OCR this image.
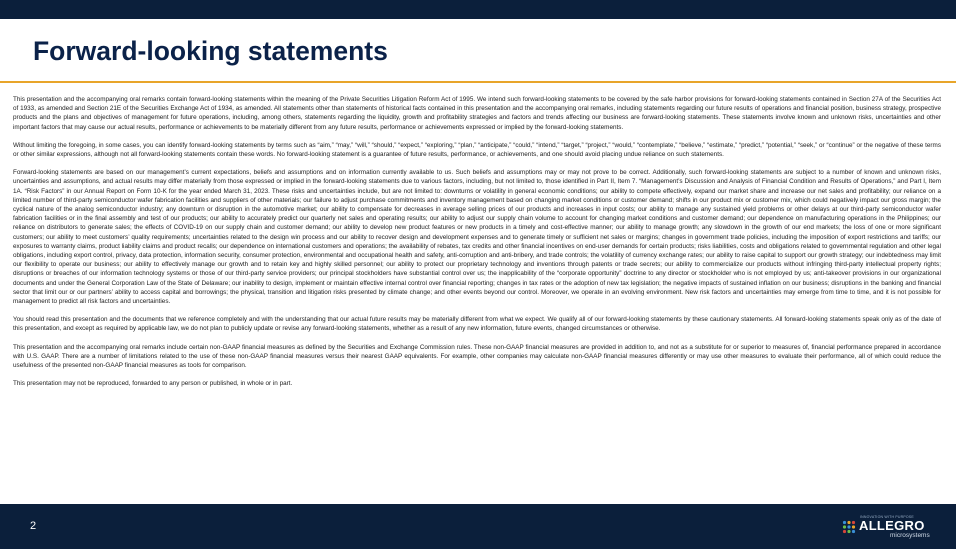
Forward-looking statements

This presentation and the accompanying oral remarks contain forward-looking statements within the meaning of the Private Securities Litigation Reform Act of 1995. We intend such forward-looking statements to be covered by the safe harbor provisions for forward-looking statements contained in Section 27A of the Securities Act of 1933, as amended and Section 21E of the Securities Exchange Act of 1934, as amended. All statements other than statements of historical facts contained in this presentation and the accompanying oral remarks, including statements regarding our future results of operations and financial position, business strategy, prospective products and the plans and objectives of management for future operations, including, among others, statements regarding the liquidity, growth and profitability strategies and factors and trends affecting our business are forward-looking statements. These statements involve known and unknown risks, uncertainties and other important factors that may cause our actual results, performance or achievements to be materially different from any future results, performance or achievements expressed or implied by the forward-looking statements.

Without limiting the foregoing, in some cases, you can identify forward-looking statements by terms such as “aim,” “may,” “will,” “should,” “expect,” “exploring,” “plan,” “anticipate,” “could,” “intend,” “target,” “project,” “would,” “contemplate,” “believe,” “estimate,” “predict,” “potential,” “seek,” or “continue” or the negative of these terms or other similar expressions, although not all forward-looking statements contain these words. No forward-looking statement is a guarantee of future results, performance, or achievements, and one should avoid placing undue reliance on such statements.

Forward-looking statements are based on our management’s current expectations, beliefs and assumptions and on information currently available to us. Such beliefs and assumptions may or may not prove to be correct. Additionally, such forward-looking statements are subject to a number of known and unknown risks, uncertainties and assumptions, and actual results may differ materially from those expressed or implied in the forward-looking statements due to various factors, including, but not limited to, those identified in Part II, Item 7. “Management’s Discussion and Analysis of Financial Condition and Results of Operations,” and Part I, Item 1A. “Risk Factors” in our Annual Report on Form 10-K for the year ended March 31, 2023. These risks and uncertainties include, but are not limited to: downturns or volatility in general economic conditions; our ability to compete effectively, expand our market share and increase our net sales and profitability; our reliance on a limited number of third-party semiconductor wafer fabrication facilities and suppliers of other materials; our failure to adjust purchase commitments and inventory management based on changing market conditions or customer demand; shifts in our product mix or customer mix, which could negatively impact our gross margin; the cyclical nature of the analog semiconductor industry; any downturn or disruption in the automotive market; our ability to compensate for decreases in average selling prices of our products and increases in input costs; our ability to manage any sustained yield problems or other delays at our third-party semiconductor wafer fabrication facilities or in the final assembly and test of our products; our ability to accurately predict our quarterly net sales and operating results; our ability to adjust our supply chain volume to account for changing market conditions and customer demand; our dependence on manufacturing operations in the Philippines; our reliance on distributors to generate sales; the effects of COVID-19 on our supply chain and customer demand; our ability to develop new product features or new products in a timely and cost-effective manner; our ability to manage growth; any slowdown in the growth of our end markets; the loss of one or more significant customers; our ability to meet customers’ quality requirements; uncertainties related to the design win process and our ability to recover design and development expenses and to generate timely or sufficient net sales or margins; changes in government trade policies, including the imposition of export restrictions and tariffs; our exposures to warranty claims, product liability claims and product recalls; our dependence on international customers and operations; the availability of rebates, tax credits and other financial incentives on end-user demands for certain products; risks liabilities, costs and obligations related to governmental regulation and other legal obligations, including export control, privacy, data protection, information security, consumer protection, environmental and occupational health and safety, anti-corruption and anti-bribery, and trade controls; the volatility of currency exchange rates; our ability to raise capital to support our growth strategy; our indebtedness may limit our flexibility to operate our business; our ability to effectively manage our growth and to retain key and highly skilled personnel; our ability to protect our proprietary technology and inventions through patents or trade secrets; our ability to commercialize our products without infringing third-party intellectual property rights; disruptions or breaches of our information technology systems or those of our third-party service providers; our principal stockholders have substantial control over us; the inapplicability of the “corporate opportunity” doctrine to any director or stockholder who is not employed by us; anti-takeover provisions in our organizational documents and under the General Corporation Law of the State of Delaware; our inability to design, implement or maintain effective internal control over financial reporting; changes in tax rates or the adoption of new tax legislation; the negative impacts of sustained inflation on our business; disruptions in the banking and financial sector that limit our or our partners’ ability to access capital and borrowings; the physical, transition and litigation risks presented by climate change; and other events beyond our control. Moreover, we operate in an evolving environment. New risk factors and uncertainties may emerge from time to time, and it is not possible for management to predict all risk factors and uncertainties.

You should read this presentation and the documents that we reference completely and with the understanding that our actual future results may be materially different from what we expect. We qualify all of our forward-looking statements by these cautionary statements. All forward-looking statements speak only as of the date of this presentation, and except as required by applicable law, we do not plan to publicly update or revise any forward-looking statements, whether as a result of any new information, future events, changed circumstances or otherwise.

This presentation and the accompanying oral remarks include certain non-GAAP financial measures as defined by the Securities and Exchange Commission rules. These non-GAAP financial measures are provided in addition to, and not as a substitute for or superior to measures of, financial performance prepared in accordance with U.S. GAAP. There are a number of limitations related to the use of these non-GAAP financial measures versus their nearest GAAP equivalents. For example, other companies may calculate non-GAAP financial measures differently or may use other measures to evaluate their performance, all of which could reduce the usefulness of the presented non-GAAP financial measures as tools for comparison.

This presentation may not be reproduced, forwarded to any person or published, in whole or in part.

2
INNOVATION WITH PURPOSE
ALLEGRO
microsystems
